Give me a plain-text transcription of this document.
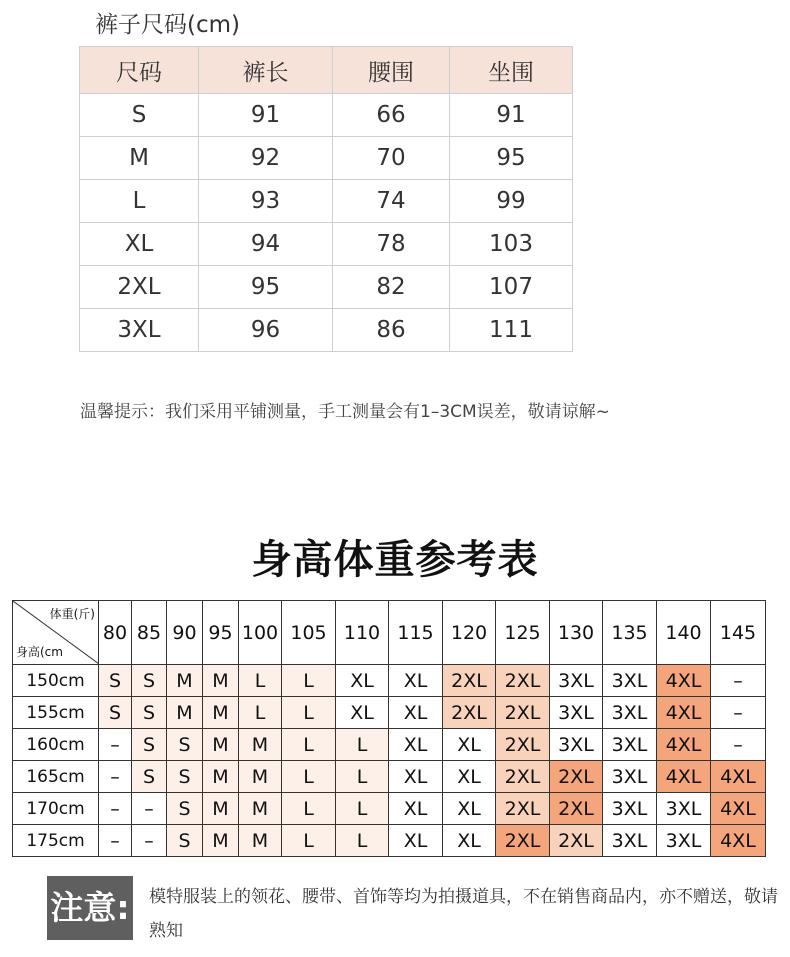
裤子尺码(cm)
尺码	裤长	腰围	坐围
S	91	66	91
M	92	70	95
L	93	74	99
XL	94	78	103
2XL	95	82	107
3XL	96	86	111
温馨提示：我们采用平铺测量，手工测量会有1–3CM误差，敬请谅解~
身高体重参考表
体重(斤)
身高(cm	80	85	90	95	100	105	110	115	120	125	130	135	140	145
150cm	S	S	M	M	L	L	XL	XL	2XL	2XL	3XL	3XL	4XL	–
155cm	S	S	M	M	L	L	XL	XL	2XL	2XL	3XL	3XL	4XL	–
160cm	–	S	S	M	M	L	L	XL	XL	2XL	3XL	3XL	4XL	–
165cm	–	S	S	M	M	L	L	XL	XL	2XL	2XL	3XL	4XL	4XL
170cm	–	–	S	M	M	L	L	XL	XL	2XL	2XL	3XL	3XL	4XL
175cm	–	–	S	M	M	L	L	XL	XL	2XL	2XL	3XL	3XL	4XL
注意: 模特服装上的领花、腰带、首饰等均为拍摄道具，不在销售商品内，亦不赠送，敬请熟知
